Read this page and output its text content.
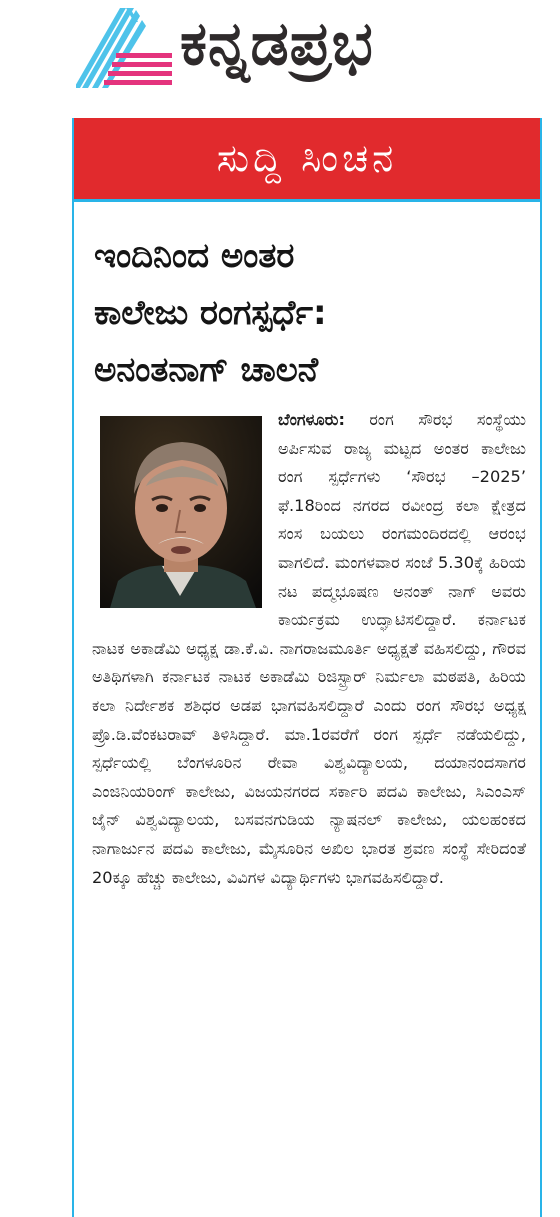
ಕನ್ನಡಪ್ರಭ
ಸುದ್ದಿ ಸಿಂಚನ
ಇಂದಿನಿಂದ ಅಂತರ
ಕಾಲೇಜು ರಂಗಸ್ಪರ್ಧೆ:
ಅನಂತನಾಗ್ ಚಾಲನೆ

ಬೆಂಗಳೂರು: ರಂಗ ಸೌರಭ ಸಂಸ್ಥೆಯು ಅರ್ಪಿಸುವ ರಾಜ್ಯ ಮಟ್ಟದ ಅಂತರ ಕಾಲೇಜು ರಂಗ ಸ್ಪರ್ಧೆಗಳು ‘ಸೌರಭ –2025’ ಫೆ.18ರಿಂದ ನಗರದ ರವೀಂದ್ರ ಕಲಾ ಕ್ಷೇತ್ರದ ಸಂಸ ಬಯಲು ರಂಗಮಂದಿರದಲ್ಲಿ ಆರಂಭ ವಾಗಲಿದೆ. ಮಂಗಳವಾರ ಸಂಜೆ 5.30ಕ್ಕೆ ಹಿರಿಯ ನಟ ಪದ್ಮಭೂಷಣ ಅನಂತ್ ನಾಗ್ ಅವರು ಕಾರ್ಯಕ್ರಮ ಉದ್ಘಾಟಿಸಲಿದ್ದಾರೆ. ಕರ್ನಾಟಕ ನಾಟಕ ಅಕಾಡೆಮಿ ಅಧ್ಯಕ್ಷ ಡಾ.ಕೆ.ವಿ. ನಾಗರಾಜಮೂರ್ತಿ ಅಧ್ಯಕ್ಷತೆ ವಹಿಸಲಿದ್ದು, ಗೌರವ ಅತಿಥಿಗಳಾಗಿ ಕರ್ನಾಟಕ ನಾಟಕ ಅಕಾಡೆಮಿ ರಿಜಿಸ್ಟ್ರಾರ್ ನಿರ್ಮಲಾ ಮಠಪತಿ, ಹಿರಿಯ ಕಲಾ ನಿರ್ದೇಶಕ ಶಶಿಧರ ಅಡಪ ಭಾಗವಹಿಸಲಿದ್ದಾರೆ ಎಂದು ರಂಗ ಸೌರಭ ಅಧ್ಯಕ್ಷ ಪ್ರೊ.ಡಿ.ವೆಂಕಟರಾವ್ ತಿಳಿಸಿದ್ದಾರೆ. ಮಾ.1ರವರೆಗೆ ರಂಗ ಸ್ಪರ್ಧೆ ನಡೆಯಲಿದ್ದು, ಸ್ಪರ್ಧೆಯಲ್ಲಿ ಬೆಂಗಳೂರಿನ ರೇವಾ ವಿಶ್ವವಿದ್ಯಾಲಯ, ದಯಾನಂದಸಾಗರ ಎಂಜಿನಿಯರಿಂಗ್ ಕಾಲೇಜು, ವಿಜಯನಗರದ ಸರ್ಕಾರಿ ಪದವಿ ಕಾಲೇಜು, ಸಿಎಂಎಸ್ ಜೈನ್ ವಿಶ್ವವಿದ್ಯಾಲಯ, ಬಸವನಗುಡಿಯ ನ್ಯಾಷನಲ್ ಕಾಲೇಜು, ಯಲಹಂಕದ ನಾಗಾರ್ಜುನ ಪದವಿ ಕಾಲೇಜು, ಮೈಸೂರಿನ ಅಖಿಲ ಭಾರತ ಶ್ರವಣ ಸಂಸ್ಥೆ ಸೇರಿದಂತೆ 20ಕ್ಕೂ ಹೆಚ್ಚು ಕಾಲೇಜು, ವಿವಿಗಳ ವಿದ್ಯಾರ್ಥಿಗಳು ಭಾಗವಹಿಸಲಿದ್ದಾರೆ.
